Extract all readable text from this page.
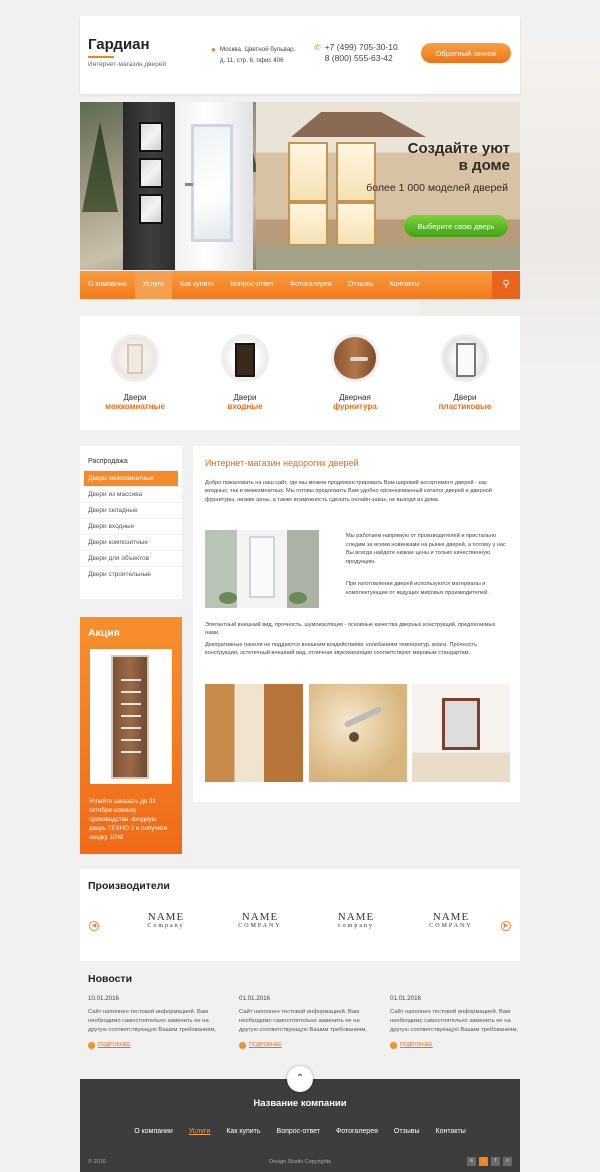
Гардиан
Интернет-магазин дверей
● Москва, Цветной бульвар,
д. 11, стр. 6, офис 406
✆ +7 (499) 705-30-10
8 (800) 555-63-42	Обратный звонок
Создайте уют
в доме
более 1 000 моделей дверей
Выберите свою дверь
О компании	Услуги	Как купить	Вопрос-ответ	Фотогалерея	Отзывы	Контакты	⚲
Двери
межкомнатные
Двери
входные
Дверная
фурнитура
Двери
пластиковые
Распродажа
Двери межкомнатные
Двери из массива
Двери складные
Двери входные
Двери композитные
Двери для объектов
Двери строительные
Акция
Успейте заказать до 31 октября новинку производства -входную дверь ТЕХНО 2 и получите скидку 10%!
Интернет-магазин недорогих дверей
Добро пожаловать на наш сайт, где мы можем продемонстрировать Вам широкий ассортимент дверей - как входных, так и межкомнатных. Мы готовы предложить Вам удобно организованный каталог дверей и дверной фурнитуры, низкие цены, а также возможность сделать онлайн-заказ, не выходя из дома.
Мы работаем напрямую от производителей и пристально следим за всеми новинками на рынке дверей, а потому у нас Вы всегда найдете низкие цены и только качественную продукцию.
При изготовлении дверей используются материалы и комплектующие от ведущих мировых производителей.
Элегантный внешний вид, прочность, шумоизоляция - основные качества дверных конструкций, предлагаемых нами.
Декоративные панели не поддаются внешним воздействиям: колебаниям температур, влаги. Прочность конструкции, эстетичный внешний вид, отличная звукоизоляция соответствуют мировым стандартам.
Производители
◀
NAME
Company
NAME
COMPANY
NAME
company
NAME
COMPANY	▶
Новости
10.01.2016
Сайт наполнен тестовой информацией. Вам необходимо самостоятельно заменить ее на другую соответствующую Вашим требованиям,
› ПОДРОБНЕЕ
01.01.2016
Сайт наполнен тестовой информацией. Вам необходимо самостоятельно заменить ее на другую соответствующую Вашим требованиям,
› ПОДРОБНЕЕ
01.01.2016
Сайт наполнен тестовой информацией. Вам необходимо самостоятельно заменить ее на другую соответствующую Вашим требованиям,
› ПОДРОБНЕЕ
⌃
Название компании
О компании	Услуги	Как купить	Вопрос-ответ	Фотогалерея	Отзывы	Контакты
© 2016	Design Studio Copyrights	в	t	f	o
